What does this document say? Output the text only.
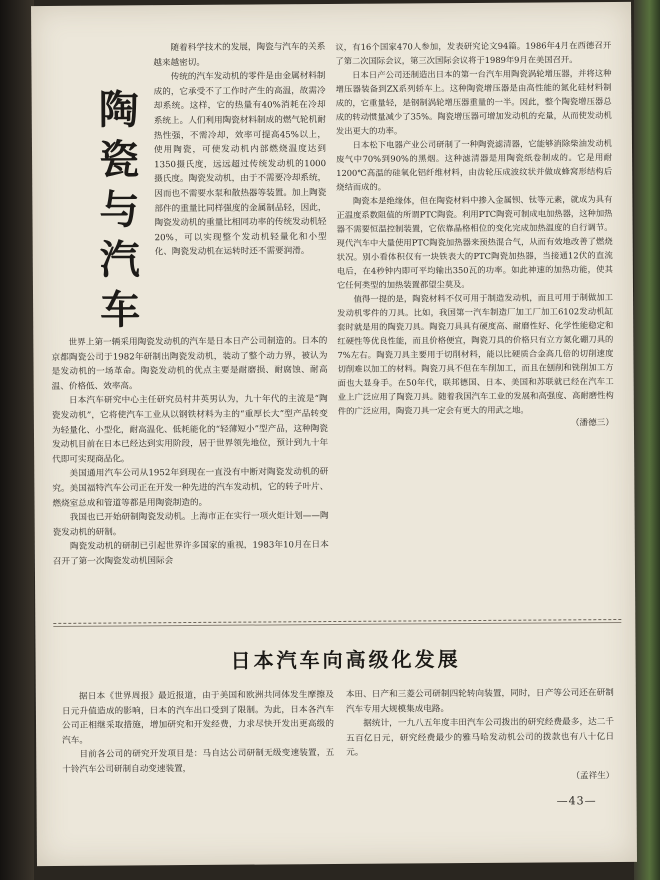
陶
瓷
与
汽
车

随着科学技术的发展，陶瓷与汽车的关系越来越密切。

传统的汽车发动机的零件是由金属材料制成的，它承受不了工作时产生的高温，故需冷却系统。这样，它的热量有40%消耗在冷却系统上。人们利用陶瓷材料制成的燃气轮机耐热性强，不需冷却，效率可提高45%以上，使用陶瓷，可使发动机内部燃烧温度达到1350摄氏度，远远超过传统发动机的1000摄氏度。陶瓷发动机，由于不需要冷却系统，因而也不需要水泵和散热器等装置。加上陶瓷部件的重量比同样强度的金属制品轻，因此，陶瓷发动机的重量比相同功率的传统发动机轻20%，可以实现整个发动机轻量化和小型化、陶瓷发动机在运转时还不需要润滑。

世界上第一辆采用陶瓷发动机的汽车是日本日产公司制造的。日本的京都陶瓷公司于1982年研制出陶瓷发动机，装动了整个动力界，被认为是发动机的一场革命。陶瓷发动机的优点主要是耐磨损、耐腐蚀、耐高温、价格低、效率高。

日本汽车研究中心主任研究员村井英男认为，九十年代的主流是“陶瓷发动机”，它将使汽车工业从以钢铁材料为主的“重厚长大”型产品转变为轻量化、小型化，耐高温化、低耗能化的“轻薄短小”型产品，这种陶瓷发动机目前在日本已经达到实用阶段，居于世界领先地位，预计到九十年代即可实现商品化。

美国通用汽车公司从1952年到现在一直没有中断对陶瓷发动机的研究。美国福特汽车公司正在开发一种先进的汽车发动机，它的转子叶片、燃烧室总成和管道等都是用陶瓷制造的。

我国也已开始研制陶瓷发动机。上海市正在实行一项火炬计划——陶瓷发动机的研制。

陶瓷发动机的研制已引起世界许多国家的重视，1983年10月在日本召开了第一次陶瓷发动机国际会

议，有16个国家470人参加，发表研究论文94篇。1986年4月在西德召开了第二次国际会议，第三次国际会议将于1989年9月在美国召开。

日本日产公司还制造出日本的第一台汽车用陶瓷涡轮增压器，并将这种增压器装备到ZX系列轿车上。这种陶瓷增压器是由高性能的氮化硅材料制成的，它重量轻，是钢制涡轮增压器重量的一半。因此，整个陶瓷增压器总成的转动惯量减少了35%。陶瓷增压器可增加发动机的充量，从而使发动机发出更大的功率。

日本松下电器产业公司研制了一种陶瓷滤清器，它能够消除柴油发动机废气中70%到90%的黑烟。这种滤清器是用陶瓷纸卷制成的。它是用耐1200℃高温的硅氧化铝纤维材料，由齿轮压成波纹状并做成蜂窝形结构后烧结而成的。

陶瓷本是绝缘体，但在陶瓷材料中掺入金属钡、钛等元素，就成为具有正温度系数阻值的所谓PTC陶瓷。利用PTC陶瓷可制成电加热器，这种加热器不需要恒温控制装置，它依靠晶格相位的变化完成加热温度的自行调节。现代汽车中大量使用PTC陶瓷加热器来预热混合气，从而有效地改善了燃烧状况。别小看体积仅有一块铁表大的PTC陶瓷加热器，当接通12伏的直流电后，在4秒钟内即可平均输出350瓦的功率。如此神速的加热功能，使其它任何类型的加热装置都望尘莫及。

值得一提的是，陶瓷材料不仅可用于制造发动机，而且可用于制做加工发动机零件的刀具。比如，我国第一汽车制造厂加工厂加工6102发动机缸套时就是用的陶瓷刀具。陶瓷刀具具有硬度高、耐磨性好、化学性能稳定和红硬性等优良性能，而且价格便宜，陶瓷刀具的价格只有立方氮化硼刀具的7%左右。陶瓷刀具主要用于切削材料，能以比硬质合金高几倍的切削速度切削难以加工的材料。陶瓷刀具不但在车削加工，而且在刨削和铣削加工方面也大显身手。在50年代，联邦德国、日本、美国和苏联就已经在汽车工业上广泛应用了陶瓷刀具。随着我国汽车工业的发展和高强度、高耐磨性构件的广泛应用，陶瓷刀具一定会有更大的用武之地。

（潘德三）
日本汽车向高级化发展

据日本《世界周报》最近报道，由于美国和欧洲共同体发生摩擦及日元升值造成的影响，日本的汽车出口受到了限制。为此，日本各汽车公司正相继采取措施，增加研究和开发经费，力求尽快开发出更高级的汽车。

目前各公司的研究开发项目是：马自达公司研制无级变速装置，五十铃汽车公司研制自动变速装置，

本田、日产和三菱公司研制四轮转向装置，同时，日产等公司还在研制汽车专用大规模集成电路。

据统计，一九八五年度丰田汽车公司拨出的研究经费最多，达二千五百亿日元，研究经费最少的雅马哈发动机公司的拨款也有八十亿日元。

（孟祥生）
—43—
